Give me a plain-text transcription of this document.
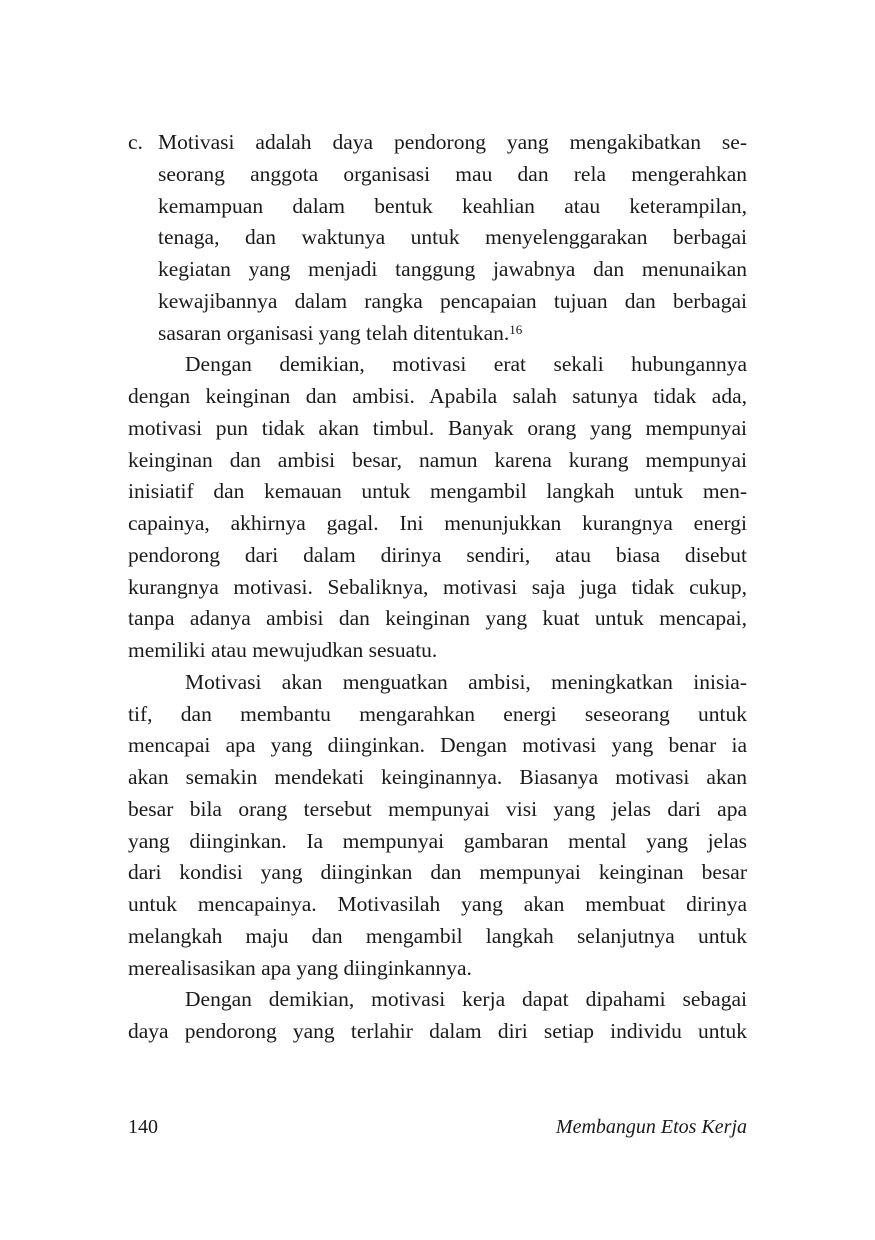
c. Motivasi adalah daya pendorong yang mengakibatkan se-
seorang anggota organisasi mau dan rela mengerahkan
kemampuan dalam bentuk keahlian atau keterampilan,
tenaga, dan waktunya untuk menyelenggarakan berbagai
kegiatan yang menjadi tanggung jawabnya dan menunaikan
kewajibannya dalam rangka pencapaian tujuan dan berbagai
sasaran organisasi yang telah ditentukan.$^{16}$
Dengan demikian, motivasi erat sekali hubungannya
dengan keinginan dan ambisi. Apabila salah satunya tidak ada,
motivasi pun tidak akan timbul. Banyak orang yang mempunyai
keinginan dan ambisi besar, namun karena kurang mempunyai
inisiatif dan kemauan untuk mengambil langkah untuk men-
capainya, akhirnya gagal. Ini menunjukkan kurangnya energi
pendorong dari dalam dirinya sendiri, atau biasa disebut
kurangnya motivasi. Sebaliknya, motivasi saja juga tidak cukup,
tanpa adanya ambisi dan keinginan yang kuat untuk mencapai,
memiliki atau mewujudkan sesuatu.
Motivasi akan menguatkan ambisi, meningkatkan inisia-
tif, dan membantu mengarahkan energi seseorang untuk
mencapai apa yang diinginkan. Dengan motivasi yang benar ia
akan semakin mendekati keinginannya. Biasanya motivasi akan
besar bila orang tersebut mempunyai visi yang jelas dari apa
yang diinginkan. Ia mempunyai gambaran mental yang jelas
dari kondisi yang diinginkan dan mempunyai keinginan besar
untuk mencapainya. Motivasilah yang akan membuat dirinya
melangkah maju dan mengambil langkah selanjutnya untuk
merealisasikan apa yang diinginkannya.
Dengan demikian, motivasi kerja dapat dipahami sebagai
daya pendorong yang terlahir dalam diri setiap individu untuk
140	Membangun Etos Kerja
